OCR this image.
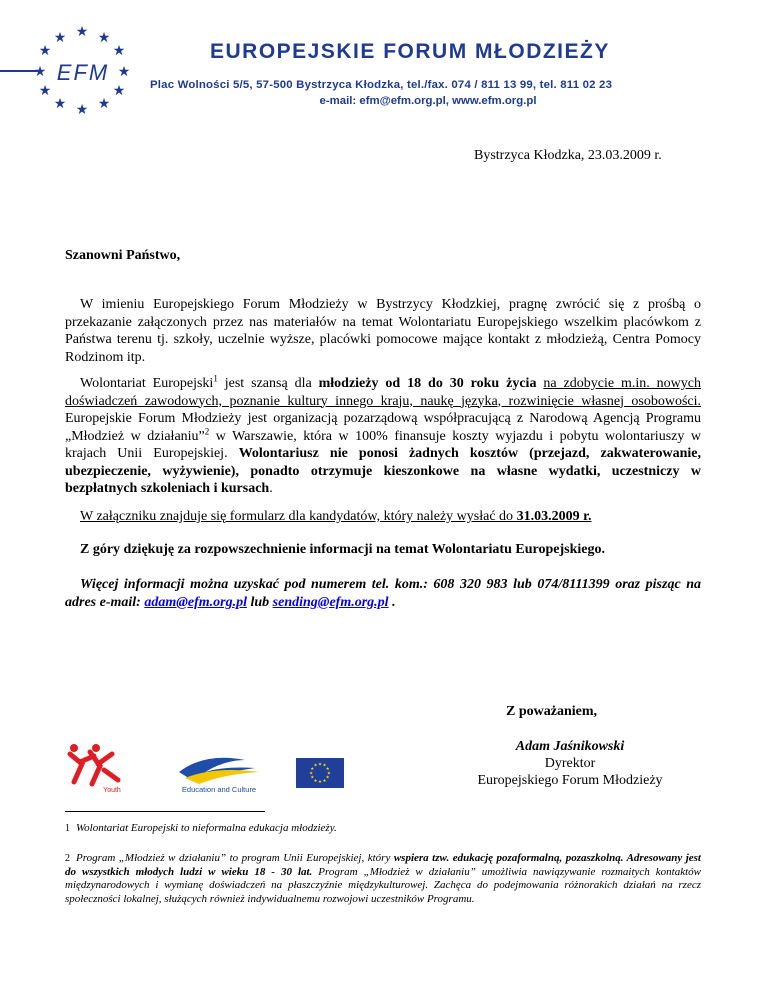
★ ★
★
★
★
★
★
★
★
★
★
★
EFM
EUROPEJSKIE FORUM MŁODZIEŻY
Plac Wolności 5/5, 57-500 Bystrzyca Kłodzka, tel./fax. 074 / 811 13 99, tel. 811 02 23
e-mail: efm@efm.org.pl, www.efm.org.pl
Bystrzyca Kłodzka, 23.03.2009 r.
Szanowni Państwo,

W imieniu Europejskiego Forum Młodzieży w Bystrzycy Kłodzkiej, pragnę zwrócić się z prośbą o przekazanie załączonych przez nas materiałów na temat Wolontariatu Europejskiego wszelkim placówkom z Państwa terenu tj. szkoły, uczelnie wyższe, placówki pomocowe mające kontakt z młodzieżą, Centra Pomocy Rodzinom itp.

Wolontariat Europejski$^1$ jest szansą dla młodzieży od 18 do 30 roku życia na zdobycie m.in. nowych doświadczeń zawodowych, poznanie kultury innego kraju, naukę języka, rozwinięcie własnej osobowości. Europejskie Forum Młodzieży jest organizacją pozarządową współpracującą z Narodową Agencją Programu „Młodzież w działaniu”$^2$ w Warszawie, która w 100% finansuje koszty wyjazdu i pobytu wolontariuszy w krajach Unii Europejskiej. Wolontariusz nie ponosi żadnych kosztów (przejazd, zakwaterowanie, ubezpieczenie, wyżywienie), ponadto otrzymuje kieszonkowe na własne wydatki, uczestniczy w bezpłatnych szkoleniach i kursach.

W załączniku znajduje się formularz dla kandydatów, który należy wysłać do 31.03.2009 r.
Z góry dziękuję za rozpowszechnienie informacji na temat Wolontariatu Europejskiego.
Więcej informacji można uzyskać pod numerem tel. kom.: 608 320 983 lub 074/8111399 oraz pisząc na adres e-mail: adam@efm.org.pl lub sending@efm.org.pl .
Z poważaniem,
Adam Jaśnikowski
Dyrektor
Europejskiego Forum Młodzieży
Youth	Education and Culture
★ ★
★
★
★
★
★
★
★
★
★
★
1 Wolontariat Europejski to nieformalna edukacja młodzieży.
2 Program „Młodzież w działaniu” to program Unii Europejskiej, który wspiera tzw. edukację pozaformalną, pozaszkolną. Adresowany jest do wszystkich młodych ludzi w wieku 18 - 30 lat. Program „Młodzież w działaniu” umożliwia nawiązywanie rozmaitych kontaktów międzynarodowych i wymianę doświadczeń na płaszczyźnie międzykulturowej. Zachęca do podejmowania różnorakich działań na rzecz społeczności lokalnej, służących również indywidualnemu rozwojowi uczestników Programu.
